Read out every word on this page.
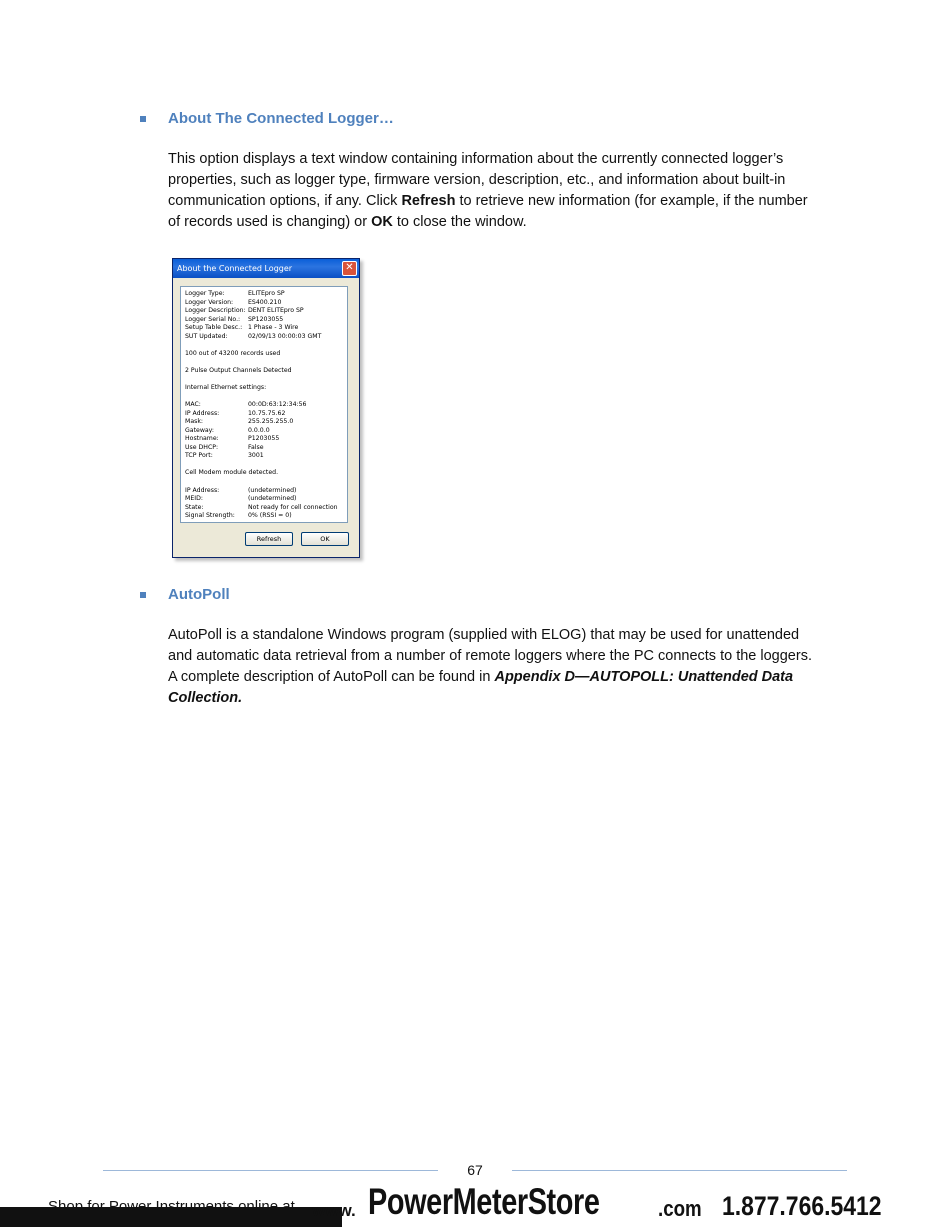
About The Connected Logger…
This option displays a text window containing information about the currently connected logger’s properties, such as logger type, firmware version, description, etc., and information about built-in communication options, if any. Click Refresh to retrieve new information (for example, if the number of records used is changing) or OK to close the window.
About the Connected Logger	✕
Logger Type:	ELITEpro SP
Logger Version:	ES400.210
Logger Description: DENT ELITEpro SP
Logger Serial No.:	SP1203055
Setup Table Desc.: 1 Phase - 3 Wire
SUT Updated:	02/09/13 00:00:03 GMT
100 out of 43200 records used
2 Pulse Output Channels Detected
Internal Ethernet settings:
MAC:	00:0D:63:12:34:56
IP Address:	10.75.75.62
Mask:	255.255.255.0
Gateway:	0.0.0.0
Hostname:	P1203055
Use DHCP:	False
TCP Port:	3001
Cell Modem module detected.
IP Address:	(undetermined)
MEID:	(undetermined)
State:	Not ready for cell connection
Signal Strength:	0% (RSSI = 0)
Refresh	OK
AutoPoll
AutoPoll is a standalone Windows program (supplied with ELOG) that may be used for unattended and automatic data retrieval from a number of remote loggers where the PC connects to the loggers. A complete description of AutoPoll can be found in Appendix D—AUTOPOLL: Unattended Data Collection.
67
www. PowerMeterStore	.com 1.877.766.5412
